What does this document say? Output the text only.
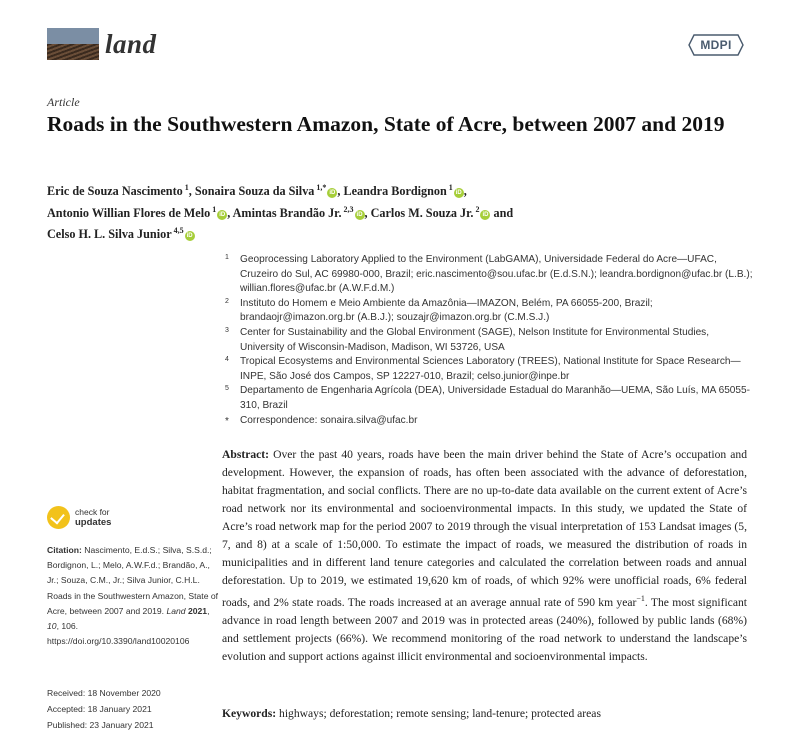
land	MDPI
Article
Roads in the Southwestern Amazon, State of Acre, between 2007 and 2019
Eric de Souza Nascimento $^1$, Sonaira Souza da Silva $^{1,*}$iD , Leandra Bordignon $^1$iD ,
Antonio Willian Flores de Melo $^1$iD , Amintas Brandão Jr. $^{2,3}$iD , Carlos M. Souza Jr. $^2$iD and
Celso H. L. Silva Junior $^{4,5}$iD
1 Geoprocessing Laboratory Applied to the Environment (LabGAMA), Universidade Federal do Acre—UFAC, Cruzeiro do Sul, AC 69980-000, Brazil; eric.nascimento@sou.ufac.br (E.d.S.N.); leandra.bordignon@ufac.br (L.B.); willian.flores@ufac.br (A.W.F.d.M.)
2 Instituto do Homem e Meio Ambiente da Amazônia—IMAZON, Belém, PA 66055-200, Brazil; brandaojr@imazon.org.br (A.B.J.); souzajr@imazon.org.br (C.M.S.J.)
3 Center for Sustainability and the Global Environment (SAGE), Nelson Institute for Environmental Studies, University of Wisconsin-Madison, Madison, WI 53726, USA
4 Tropical Ecosystems and Environmental Sciences Laboratory (TREES), National Institute for Space Research—INPE, São José dos Campos, SP 12227-010, Brazil; celso.junior@inpe.br
5 Departamento de Engenharia Agrícola (DEA), Universidade Estadual do Maranhão—UEMA, São Luís, MA 65055-310, Brazil
* Correspondence: sonaira.silva@ufac.br
Abstract: Over the past 40 years, roads have been the main driver behind the State of Acre’s occupation and development. However, the expansion of roads, has often been associated with the advance of deforestation, habitat fragmentation, and social conflicts. There are no up-to-date data available on the current extent of Acre’s road network nor its environmental and socioenvironmental impacts. In this study, we updated the State of Acre’s road network map for the period 2007 to 2019 through the visual interpretation of 153 Landsat images (5, 7, and 8) at a scale of 1:50,000. To estimate the impact of roads, we measured the distribution of roads in municipalities and in different land tenure categories and calculated the correlation between roads and annual deforestation. Up to 2019, we estimated 19,620 km of roads, of which 92% were unofficial roads, 6% federal roads, and 2% state roads. The roads increased at an average annual rate of 590 km year$^{-1}$. The most significant advance in road length between 2007 and 2019 was in protected areas (240%), followed by public lands (68%) and settlement projects (66%). We recommend monitoring of the road network to understand the landscape’s evolution and support actions against illicit environmental and socioenvironmental impacts.
Keywords: highways; deforestation; remote sensing; land-tenure; protected areas
check for
updates
Citation: Nascimento, E.d.S.; Silva, S.S.d.; Bordignon, L.; Melo, A.W.F.d.; Brandão, A., Jr.; Souza, C.M., Jr.; Silva Junior, C.H.L. Roads in the Southwestern Amazon, State of Acre, between 2007 and 2019. Land 2021, 10, 106. https://doi.org/10.3390/land10020106
Received: 18 November 2020
Accepted: 18 January 2021
Published: 23 January 2021
